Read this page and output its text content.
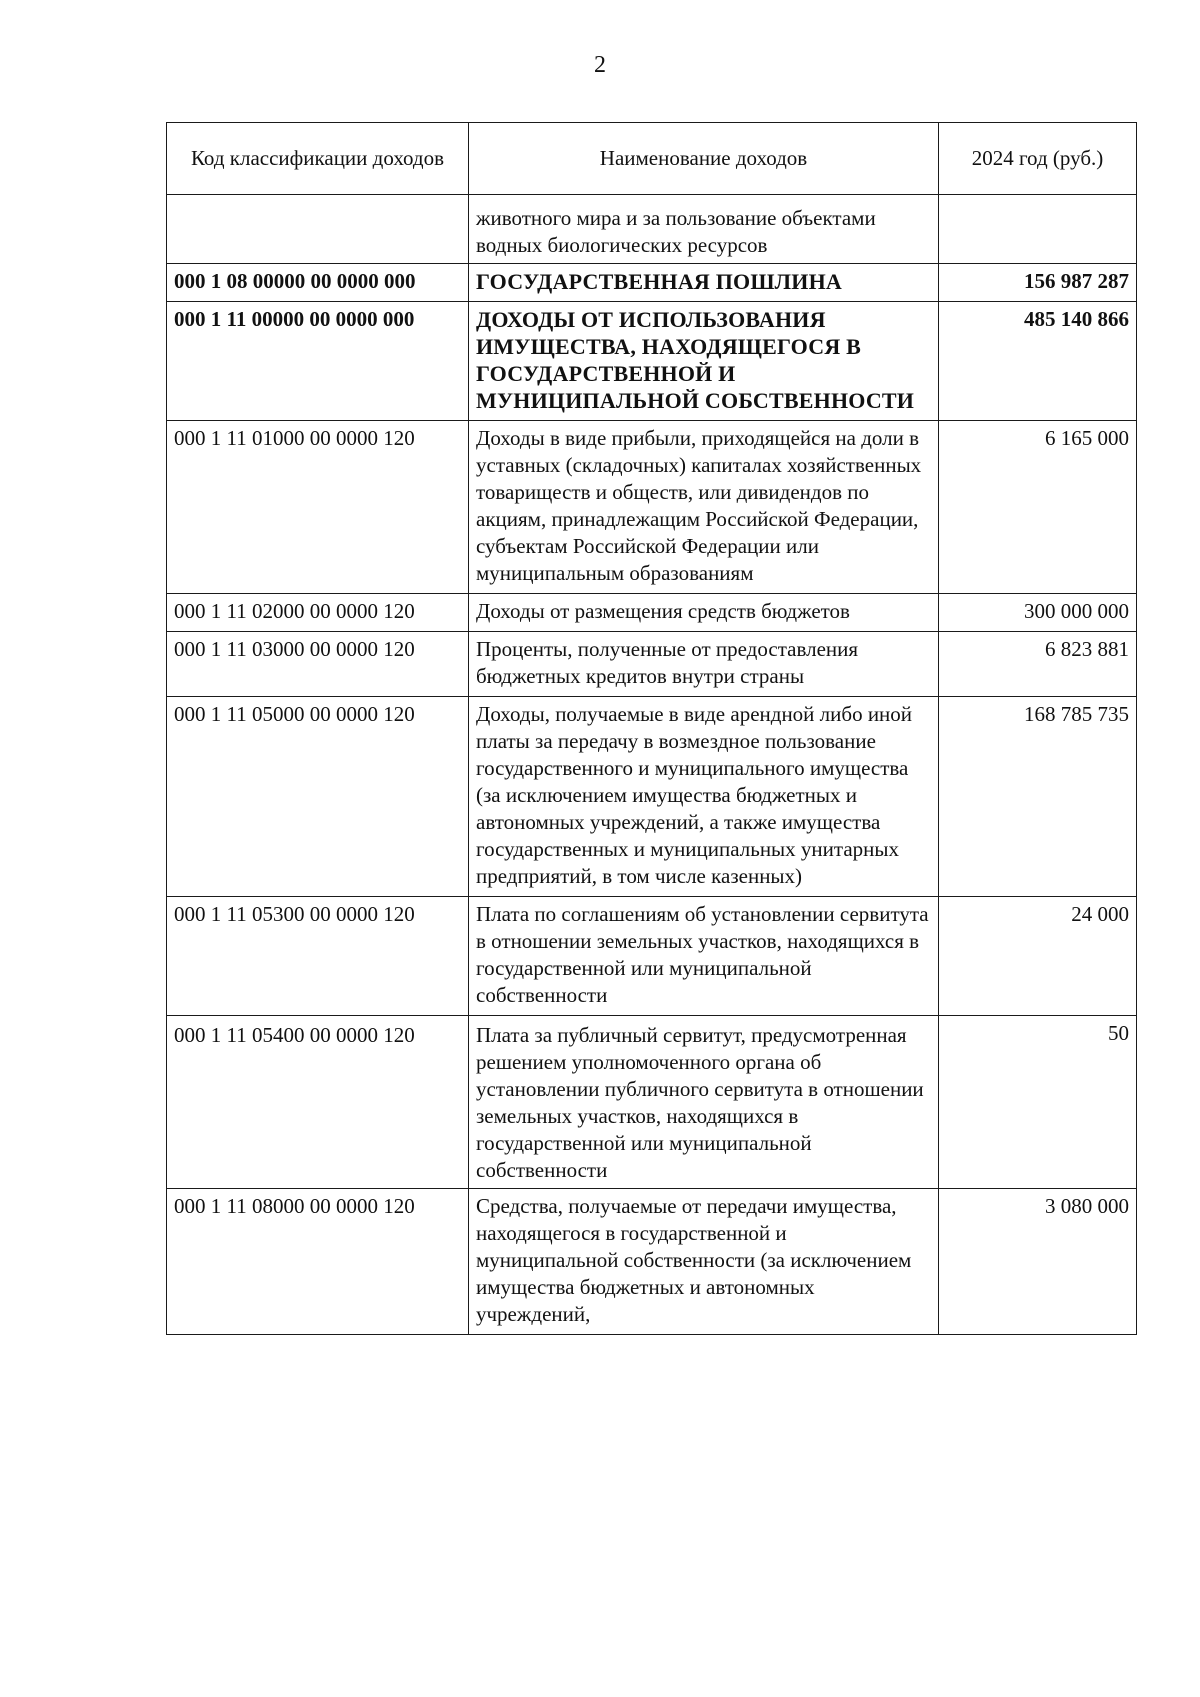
2
Код классификации доходов	Наименование доходов	2024 год (руб.)
	животного мира и за пользование объектами водных биологических ресурсов	
000 1 08 00000 00 0000 000	ГОСУДАРСТВЕННАЯ ПОШЛИНА	156 987 287
000 1 11 00000 00 0000 000	ДОХОДЫ ОТ ИСПОЛЬЗОВАНИЯ ИМУЩЕСТВА, НАХОДЯЩЕГОСЯ В ГОСУДАРСТВЕННОЙ И МУНИЦИПАЛЬНОЙ СОБСТВЕННОСТИ	485 140 866
000 1 11 01000 00 0000 120	Доходы в виде прибыли, приходящейся на доли в уставных (складочных) капиталах хозяйственных товариществ и обществ, или дивидендов по акциям, принадлежащим Российской Федерации, субъектам Российской Федерации или муниципальным образованиям	6 165 000
000 1 11 02000 00 0000 120	Доходы от размещения средств бюджетов	300 000 000
000 1 11 03000 00 0000 120	Проценты, полученные от предоставления бюджетных кредитов внутри страны	6 823 881
000 1 11 05000 00 0000 120	Доходы, получаемые в виде арендной либо иной платы за передачу в возмездное пользование государственного и муниципального имущества (за исключением имущества бюджетных и автономных учреждений, а также имущества государственных и муниципальных унитарных предприятий, в том числе казенных)	168 785 735
000 1 11 05300 00 0000 120	Плата по соглашениям об установлении сервитута в отношении земельных участков, находящихся в государственной или муниципальной собственности	24 000
000 1 11 05400 00 0000 120	Плата за публичный сервитут, предусмотренная решением уполномоченного органа об установлении публичного сервитута в отношении земельных участков, находящихся в государственной или муниципальной собственности	50
000 1 11 08000 00 0000 120	Средства, получаемые от передачи имущества, находящегося в государственной и муниципальной собственности (за исключением имущества бюджетных и автономных учреждений,	3 080 000
